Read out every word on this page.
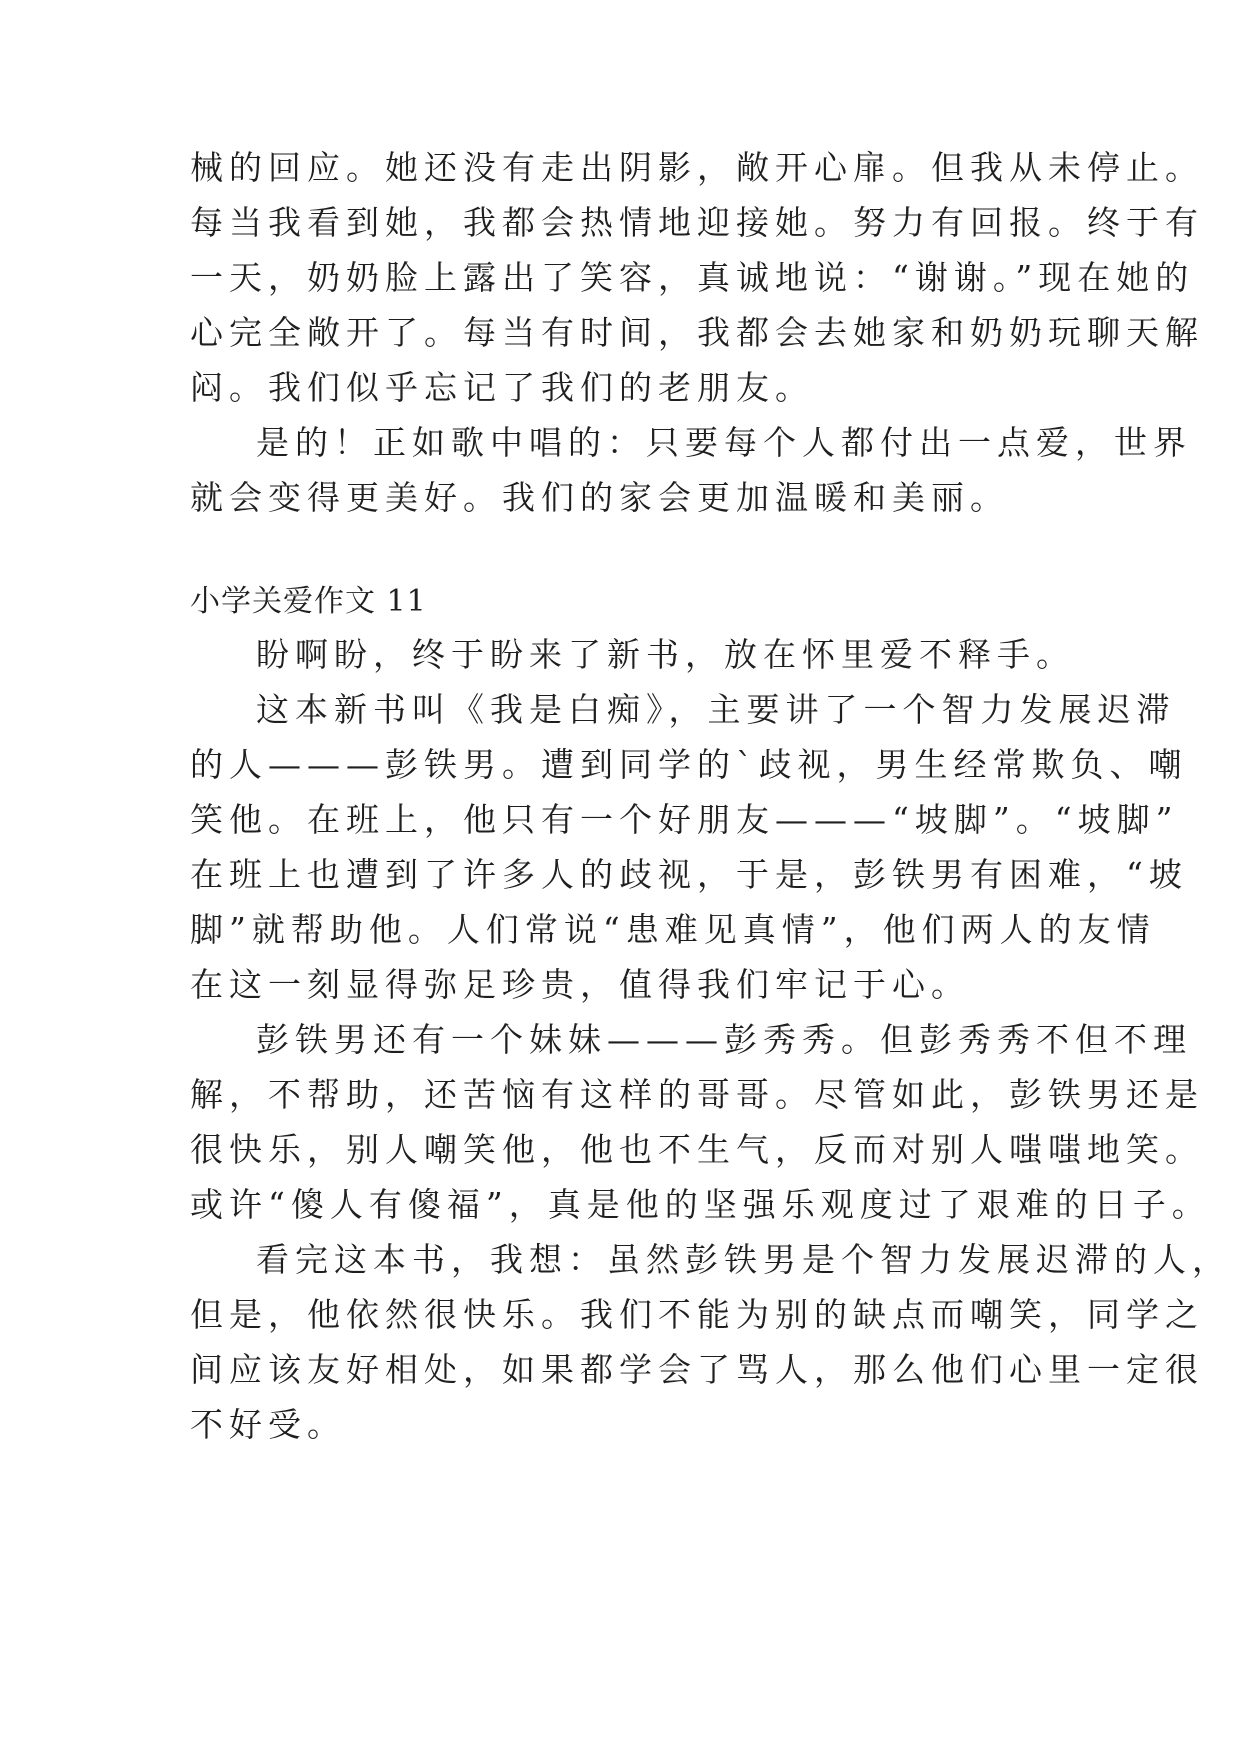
械的回应。她还没有走出阴影，敞开心扉。但我从未停止。
每当我看到她，我都会热情地迎接她。努力有回报。终于有
一天，奶奶脸上露出了笑容，真诚地说：“谢谢。”现在她的
心完全敞开了。每当有时间，我都会去她家和奶奶玩聊天解
闷。我们似乎忘记了我们的老朋友。
是的！正如歌中唱的：只要每个人都付出一点爱，世界
就会变得更美好。我们的家会更加温暖和美丽。
小学关爱作文 11
盼啊盼，终于盼来了新书，放在怀里爱不释手。
这本新书叫《我是白痴》，主要讲了一个智力发展迟滞
的人———彭铁男。遭到同学的`歧视，男生经常欺负、嘲
笑他。在班上，他只有一个好朋友———“坡脚”。“坡脚”
在班上也遭到了许多人的歧视，于是，彭铁男有困难，“坡
脚”就帮助他。人们常说“患难见真情”，他们两人的友情
在这一刻显得弥足珍贵，值得我们牢记于心。
彭铁男还有一个妹妹———彭秀秀。但彭秀秀不但不理
解，不帮助，还苦恼有这样的哥哥。尽管如此，彭铁男还是
很快乐，别人嘲笑他，他也不生气，反而对别人嗤嗤地笑。
或许“傻人有傻福”，真是他的坚强乐观度过了艰难的日子。
看完这本书，我想：虽然彭铁男是个智力发展迟滞的人，
但是，他依然很快乐。我们不能为别的缺点而嘲笑，同学之
间应该友好相处，如果都学会了骂人，那么他们心里一定很
不好受。
